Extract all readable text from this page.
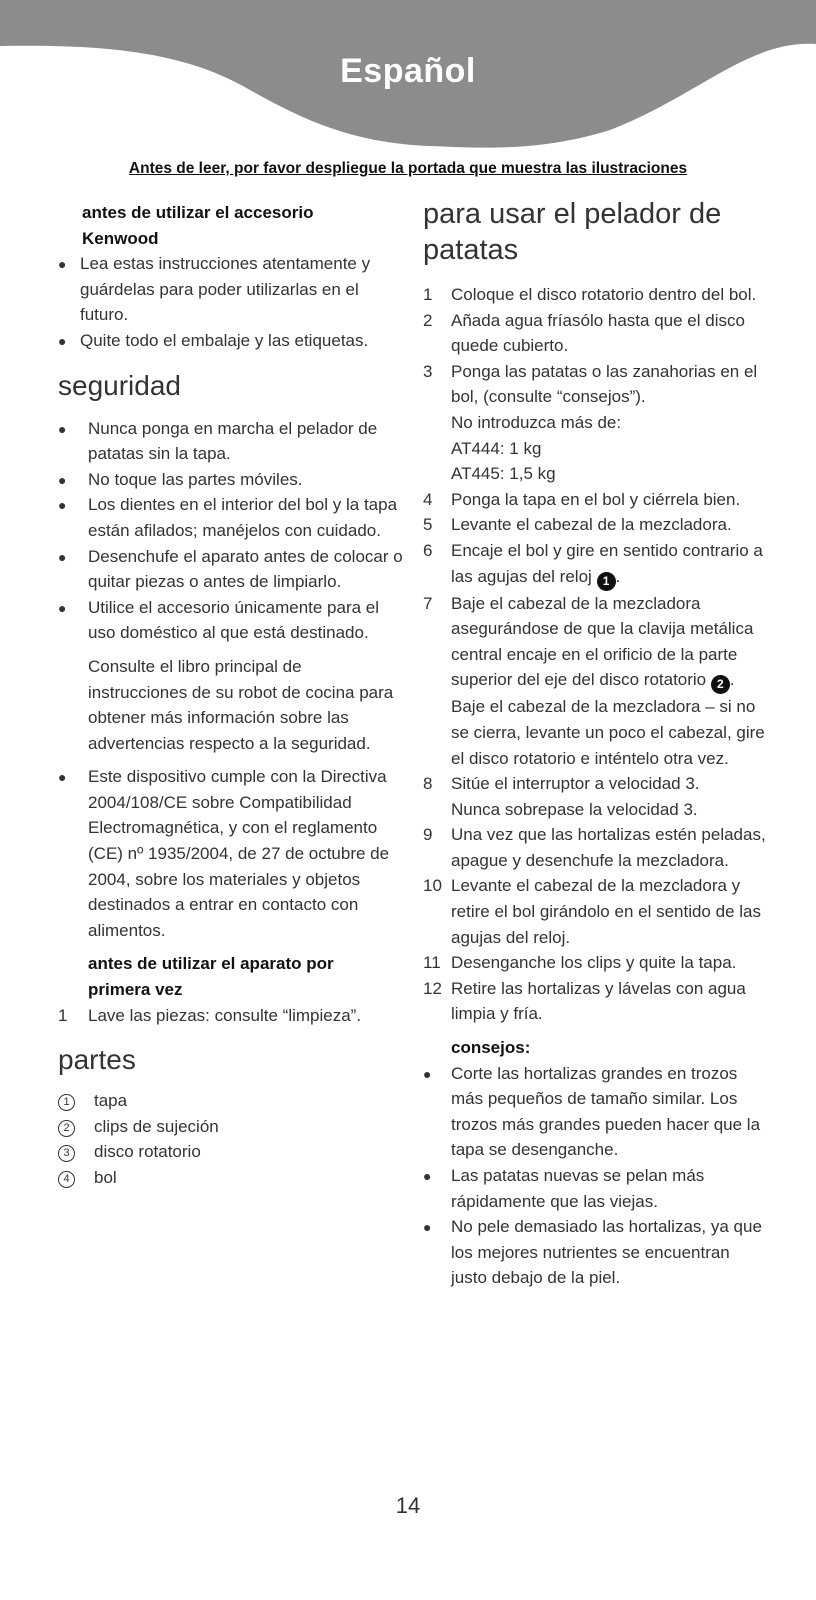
Español
Antes de leer, por favor despliegue la portada que muestra las ilustraciones
antes de utilizar el accesorio Kenwood
●
Lea estas instrucciones atentamente y guárdelas para poder utilizarlas en el futuro.
●
Quite todo el embalaje y las etiquetas.
seguridad
●
Nunca ponga en marcha el pelador de patatas sin la tapa.
●
No toque las partes móviles.
●
Los dientes en el interior del bol y la tapa están afilados; manéjelos con cuidado.
●
Desenchufe el aparato antes de colocar o quitar piezas o antes de limpiarlo.
●
Utilice el accesorio únicamente para el uso doméstico al que está destinado.
Consulte el libro principal de instrucciones de su robot de cocina para obtener más información sobre las advertencias respecto a la seguridad.
●
Este dispositivo cumple con la Directiva 2004/108/CE sobre Compatibilidad Electromagnética, y con el reglamento (CE) nº 1935/2004, de 27 de octubre de 2004, sobre los materiales y objetos destinados a entrar en contacto con alimentos.
antes de utilizar el aparato por primera vez
1 Lave las piezas: consulte “limpieza”.
partes
1	tapa
2	clips de sujeción
3	disco rotatorio
4	bol
para usar el pelador de patatas
1 Coloque el disco rotatorio dentro del bol.
2 Añada agua fríasólo hasta que el disco quede cubierto.
3 Ponga las patatas o las zanahorias en el bol, (consulte “consejos”).
No introduzca más de:
AT444: 1 kg
AT445: 1,5 kg
4 Ponga la tapa en el bol y ciérrela bien.
5 Levante el cabezal de la mezcladora.
6 Encaje el bol y gire en sentido contrario a las agujas del reloj 1 .
7 Baje el cabezal de la mezcladora asegurándose de que la clavija metálica central encaje en el orificio de la parte superior del eje del disco rotatorio 2 .
Baje el cabezal de la mezcladora – si no se cierra, levante un poco el cabezal, gire el disco rotatorio e inténtelo otra vez.
8 Sitúe el interruptor a velocidad 3.
Nunca sobrepase la velocidad 3.
9 Una vez que las hortalizas estén peladas, apague y desenchufe la mezcladora.
10 Levante el cabezal de la mezcladora y retire el bol girándolo en el sentido de las agujas del reloj.
11 Desenganche los clips y quite la tapa.
12 Retire las hortalizas y lávelas con agua limpia y fría.
consejos:
●
Corte las hortalizas grandes en trozos más pequeños de tamaño similar. Los trozos más grandes pueden hacer que la tapa se desenganche.
●
Las patatas nuevas se pelan más rápidamente que las viejas.
●
No pele demasiado las hortalizas, ya que los mejores nutrientes se encuentran justo debajo de la piel.
14
